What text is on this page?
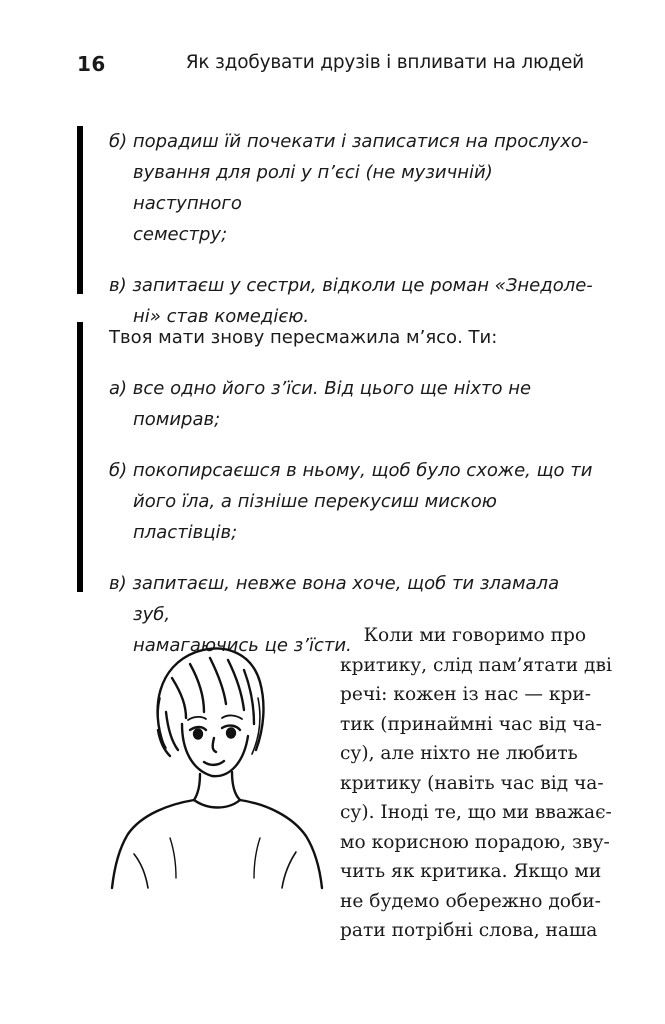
16	Як здобувати друзів і впливати на людей

б) порадиш їй почекати і записатися на прослухо-
вування для ролі у п’єсі (не музичній) наступного
семестру;

в) запитаєш у сестри, відколи це роман «Знедоле-
ні» став комедією.

Твоя мати знову пересмажила м’ясо. Ти:

а) все одно його з’їси. Від цього ще ніхто не
помирав;

б) покопирсаєшся в ньому, щоб було схоже, що ти
його їла, а пізніше перекусиш мискою пластівців;

в) запитаєш, невже вона хоче, щоб ти зламала зуб,
намагаючись це з’їсти.

Коли ми говоримо про
критику, слід пам’ятати дві
речі: кожен із нас — кри-
тик (принаймні час від ча-
су), але ніхто не любить
критику (навіть час від ча-
су). Іноді те, що ми вважає-
мо корисною порадою, зву-
чить як критика. Якщо ми
не будемо обережно доби-
рати потрібні слова, наша
